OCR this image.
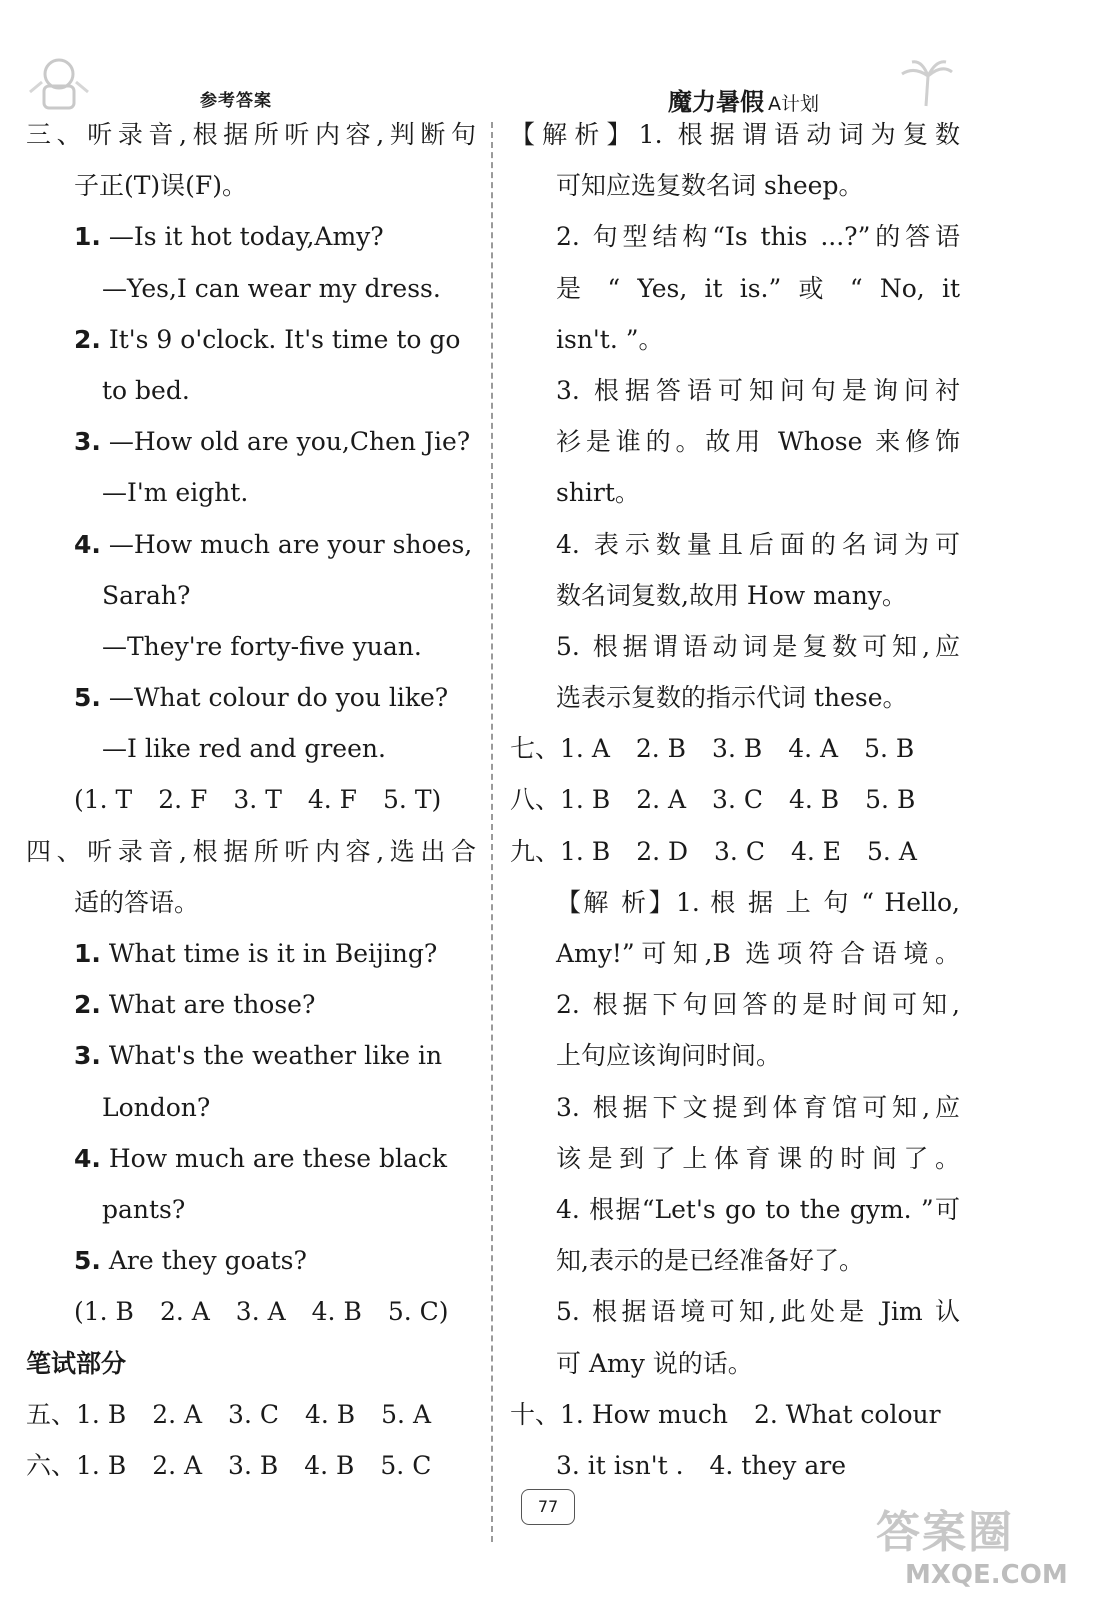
参考答案	魔力暑假 A计划
三、听录音,根据所听内容,判断句
子正(T)误(F)。
1. —Is it hot today,Amy?
—Yes,I can wear my dress.
2. It's 9 o'clock. It's time to go
to bed.
3. —How old are you,Chen Jie?
—I'm eight.
4. —How much are your shoes,
Sarah?
—They're forty-five yuan.
5. —What colour do you like?
—I like red and green.
(1. T 2. F 3. T 4. F 5. T)
四、听录音,根据所听内容,选出合
适的答语。
1. What time is it in Beijing?
2. What are those?
3. What's the weather like in
London?
4. How much are these black
pants?
5. Are they goats?
(1. B 2. A 3. A 4. B 5. C)
笔试部分
五、1. B 2. A 3. C 4. B 5. A
六、1. B 2. A 3. B 4. B 5. C
【解析】1. 根据谓语动词为复数
可知应选复数名词 sheep。
2. 句型结构“Is this ...?”的答语
是 “ Yes, it is.” 或 “ No, it
isn't. ”。
3. 根据答语可知问句是询问衬
衫是谁的。故用 Whose 来修饰
shirt。
4. 表示数量且后面的名词为可
数名词复数,故用 How many。
5. 根据谓语动词是复数可知,应
选表示复数的指示代词 these。
七、1. A 2. B 3. B 4. A 5. B
八、1. B 2. A 3. C 4. B 5. B
九、1. B 2. D 3. C 4. E 5. A
【解 析】1. 根 据 上 句 “ Hello,
Amy!”可知,B 选项符合语境。
2. 根据下句回答的是时间可知,
上句应该询问时间。
3. 根据下文提到体育馆可知,应
该是到了上体育课的时间了。
4. 根据“Let's go to the gym. ”可
知,表示的是已经准备好了。
5. 根据语境可知,此处是 Jim 认
可 Amy 说的话。
十、1. How much 2. What colour
3. it isn't . 4. they are
77
答案圈
MXQE.COM
